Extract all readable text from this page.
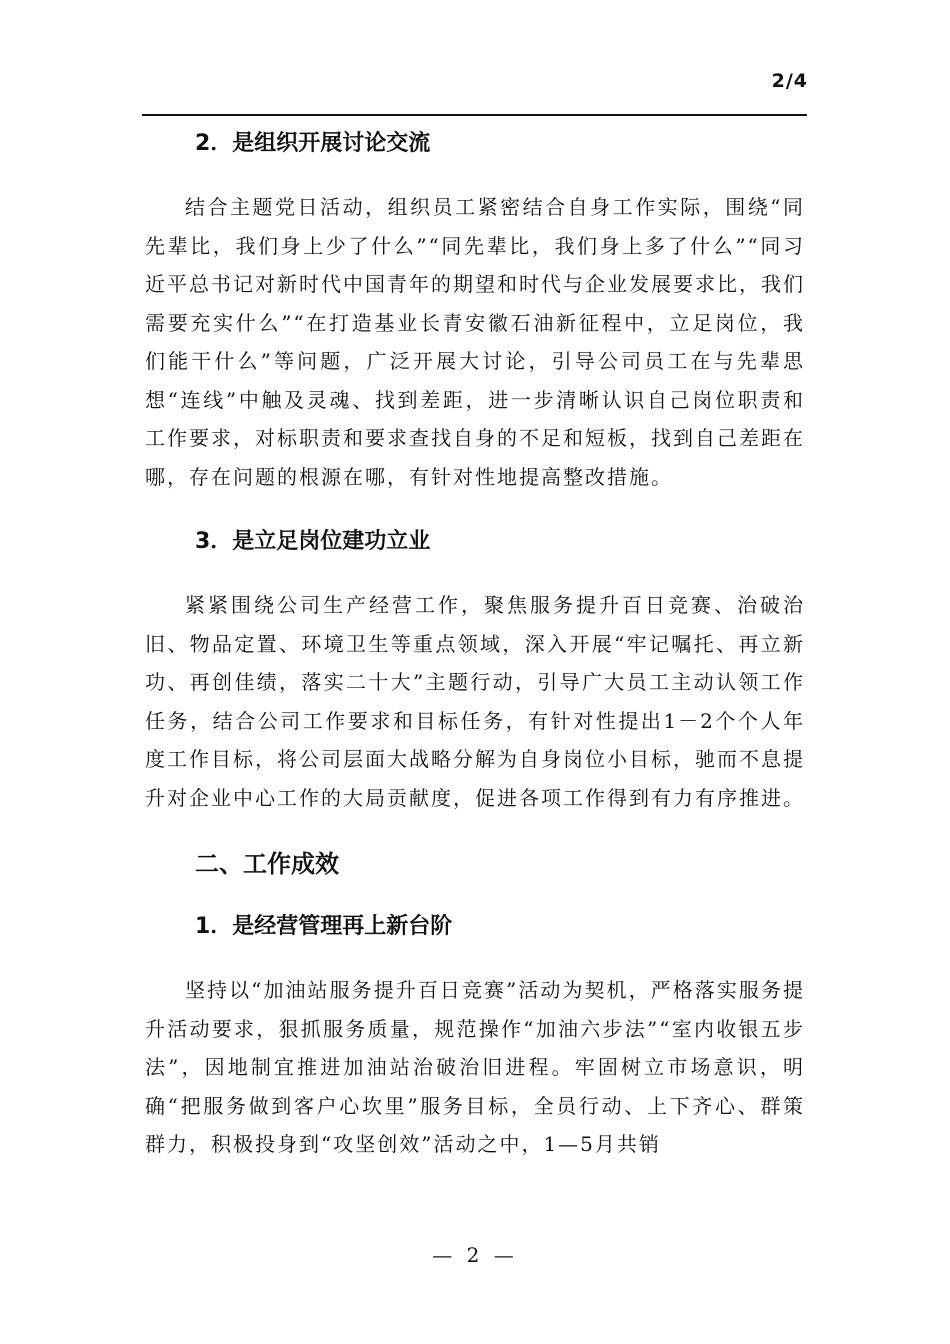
2/4
2．是组织开展讨论交流

结合主题党日活动，组织员工紧密结合自身工作实际，围绕“同先辈比，我们身上少了什么”“同先辈比，我们身上多了什么”“同习近平总书记对新时代中国青年的期望和时代与企业发展要求比，我们需要充实什么”“在打造基业长青安徽石油新征程中，立足岗位，我们能干什么”等问题，广泛开展大讨论，引导公司员工在与先辈思想“连线”中触及灵魂、找到差距，进一步清晰认识自己岗位职责和工作要求，对标职责和要求查找自身的不足和短板，找到自己差距在哪，存在问题的根源在哪，有针对性地提高整改措施。

3．是立足岗位建功立业

紧紧围绕公司生产经营工作，聚焦服务提升百日竞赛、治破治旧、物品定置、环境卫生等重点领域，深入开展“牢记嘱托、再立新功、再创佳绩，落实二十大”主题行动，引导广大员工主动认领工作任务，结合公司工作要求和目标任务，有针对性提出1－2个个人年度工作目标，将公司层面大战略分解为自身岗位小目标，驰而不息提升对企业中心工作的大局贡献度，促进各项工作得到有力有序推进。

二、工作成效
1．是经营管理再上新台阶

坚持以“加油站服务提升百日竞赛”活动为契机，严格落实服务提升活动要求，狠抓服务质量，规范操作“加油六步法”“室内收银五步法”，因地制宜推进加油站治破治旧进程。牢固树立市场意识，明确“把服务做到客户心坎里”服务目标，全员行动、上下齐心、群策群力，积极投身到“攻坚创效”活动之中，1—5月共销

— 2 —
